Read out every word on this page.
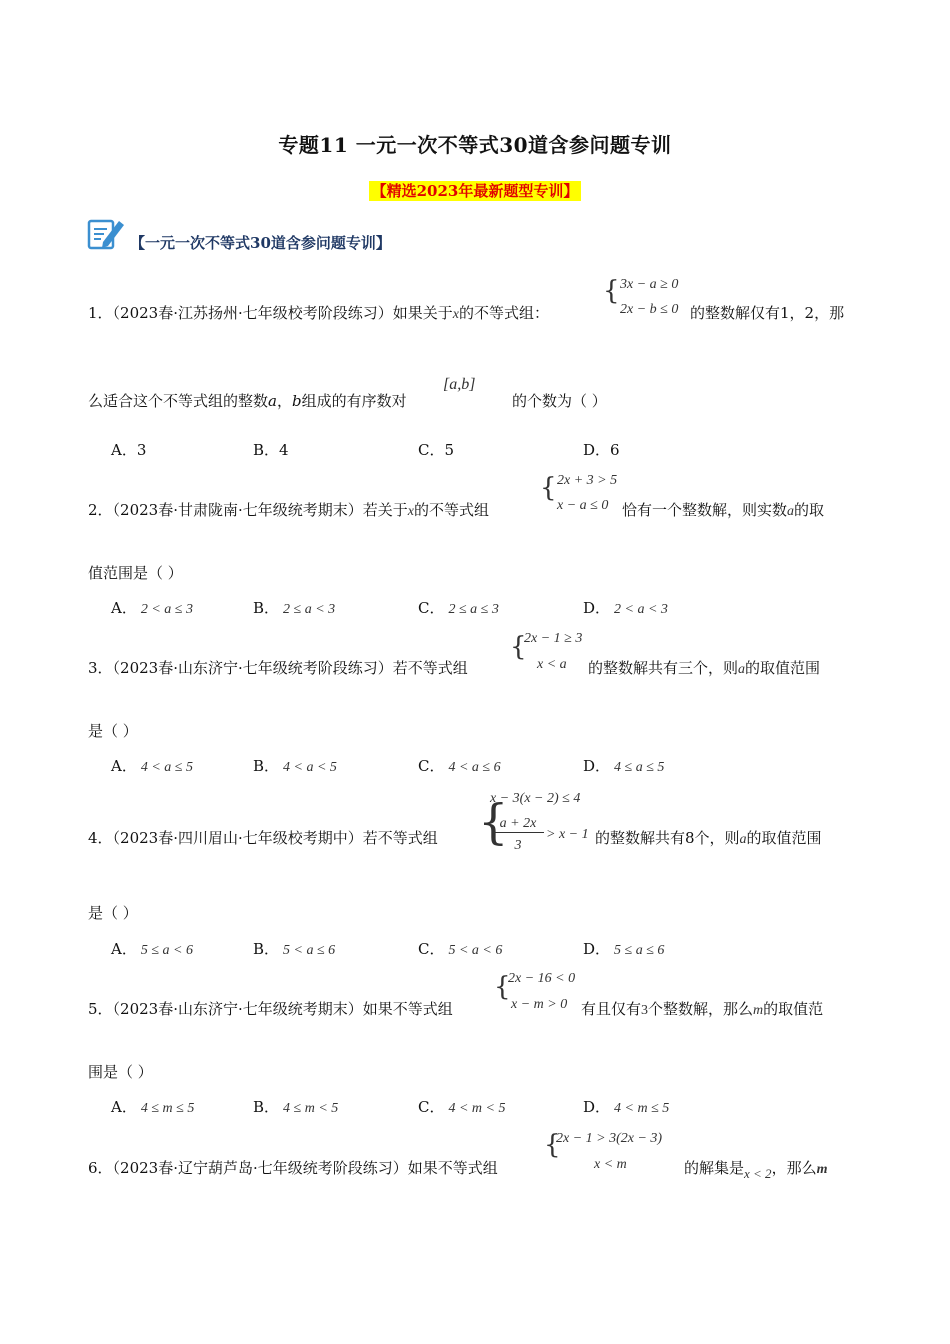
专题11 一元一次不等式30道含参问题专训
【精选2023年最新题型专训】
【一元一次不等式30道含参问题专训】
{ 3x − a ≥ 0
2x − b ≤ 0
1．（2023春·江苏扬州·七年级校考阶段练习）如果关于x的不等式组：	的整数解仅有1，2，那
么适合这个不等式组的整数a，b组成的有序数对
[a,b]
的个数为（ ）
A．3	B．4	C．5	D．6
{ 2x + 3 > 5
x − a ≤ 0
2．（2023春·甘肃陇南·七年级统考期末）若关于x的不等式组	恰有一个整数解，则实数a的取
值范围是（ ）
A． 2 < a ≤ 3	B． 2 ≤ a < 3	C． 2 ≤ a ≤ 3	D． 2 < a < 3
{
2x − 1 ≥ 3
x < a
3．（2023春·山东济宁·七年级统考阶段练习）若不等式组	的整数解共有三个，则a的取值范围
是（ ）
A． 4 < a ≤ 5	B． 4 < a < 5	C． 4 < a ≤ 6	D． 4 ≤ a ≤ 5
{
x − 3(x − 2) ≤ 4
a + 2x
3
> x − 1
4．（2023春·四川眉山·七年级校考期中）若不等式组	的整数解共有8个，则a的取值范围
是（ ）
A． 5 ≤ a < 6	B． 5 < a ≤ 6	C． 5 < a < 6	D． 5 ≤ a ≤ 6
{
2x − 16 < 0
x − m > 0
5．（2023春·山东济宁·七年级统考期末）如果不等式组	有且仅有3个整数解，那么m的取值范
围是（ ）
A． 4 ≤ m ≤ 5	B． 4 ≤ m < 5	C． 4 < m < 5	D． 4 < m ≤ 5
{
2x − 1 > 3(2x − 3)
x < m
6．（2023春·辽宁葫芦岛·七年级统考阶段练习）如果不等式组	的解集是x < 2，那么m
